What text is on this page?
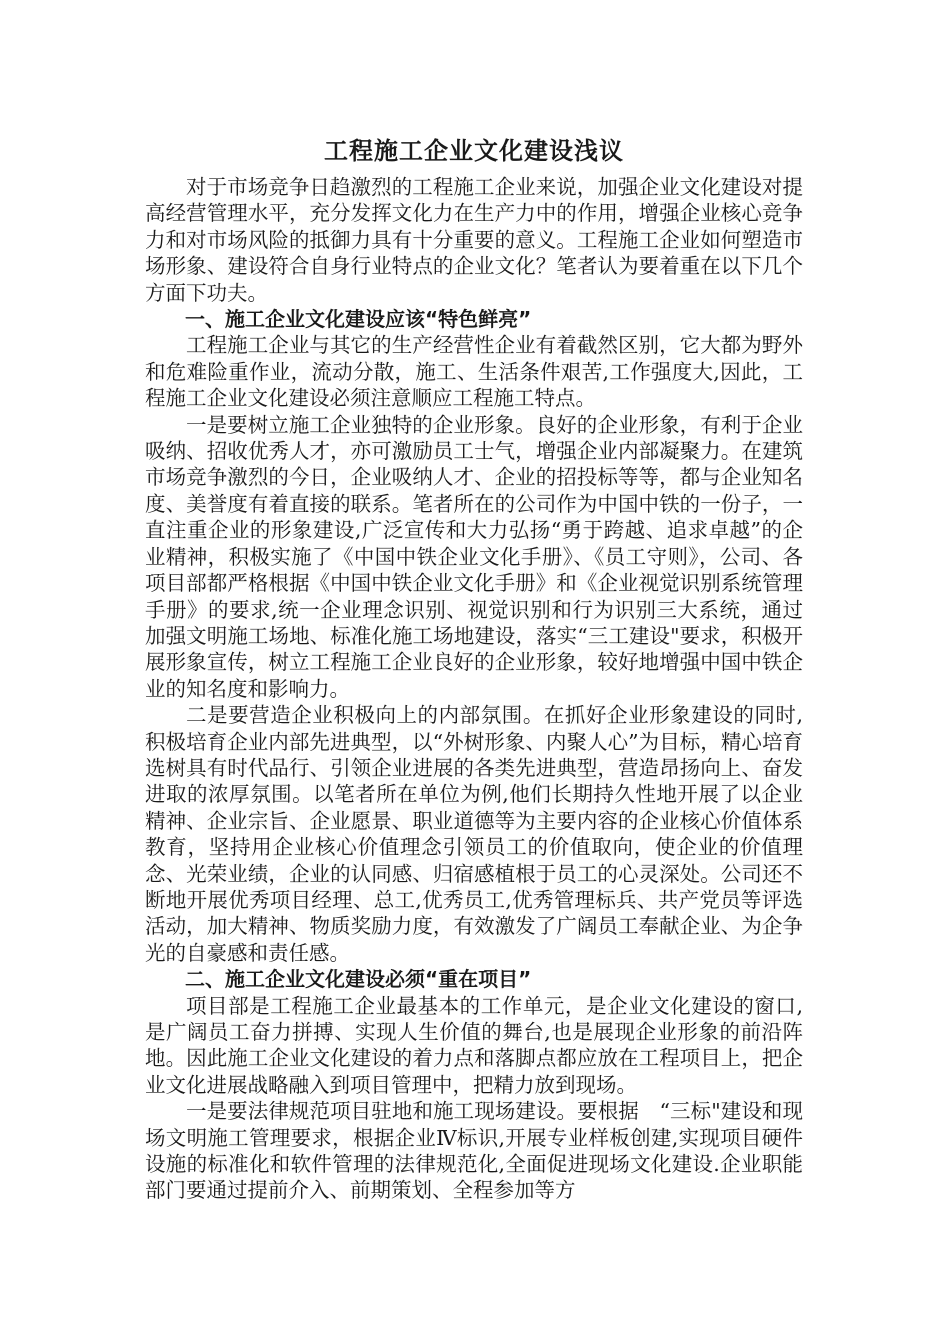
工程施工企业文化建设浅议

对于市场竞争日趋激烈的工程施工企业来说，加强企业文化建设对提高经营管理水平，充分发挥文化力在生产力中的作用，增强企业核心竞争力和对市场风险的抵御力具有十分重要的意义。工程施工企业如何塑造市场形象、建设符合自身行业特点的企业文化？笔者认为要着重在以下几个方面下功夫。

一、施工企业文化建设应该“特色鲜亮”

工程施工企业与其它的生产经营性企业有着截然区别，它大都为野外和危难险重作业，流动分散，施工、生活条件艰苦,工作强度大,因此，工程施工企业文化建设必须注意顺应工程施工特点。

一是要树立施工企业独特的企业形象。良好的企业形象，有利于企业吸纳、招收优秀人才，亦可激励员工士气，增强企业内部凝聚力。在建筑市场竞争激烈的今日，企业吸纳人才、企业的招投标等等，都与企业知名度、美誉度有着直接的联系。笔者所在的公司作为中国中铁的一份子，一直注重企业的形象建设,广泛宣传和大力弘扬“勇于跨越、追求卓越”的企业精神，积极实施了《中国中铁企业文化手册》、《员工守则》，公司、各项目部都严格根据《中国中铁企业文化手册》和《企业视觉识别系统管理手册》的要求,统一企业理念识别、视觉识别和行为识别三大系统，通过加强文明施工场地、标准化施工场地建设，落实“三工建设"要求，积极开展形象宣传，树立工程施工企业良好的企业形象，较好地增强中国中铁企业的知名度和影响力。

二是要营造企业积极向上的内部氛围。在抓好企业形象建设的同时,积极培育企业内部先进典型，以“外树形象、内聚人心”为目标，精心培育选树具有时代品行、引领企业进展的各类先进典型，营造昂扬向上、奋发进取的浓厚氛围。以笔者所在单位为例,他们长期持久性地开展了以企业精神、企业宗旨、企业愿景、职业道德等为主要内容的企业核心价值体系教育，坚持用企业核心价值理念引领员工的价值取向，使企业的价值理念、光荣业绩，企业的认同感、归宿感植根于员工的心灵深处。公司还不断地开展优秀项目经理、总工,优秀员工,优秀管理标兵、共产党员等评选活动，加大精神、物质奖励力度，有效激发了广阔员工奉献企业、为企争光的自豪感和责任感。

二、施工企业文化建设必须“重在项目”

项目部是工程施工企业最基本的工作单元，是企业文化建设的窗口,是广阔员工奋力拼搏、实现人生价值的舞台,也是展现企业形象的前沿阵地。因此施工企业文化建设的着力点和落脚点都应放在工程项目上，把企业文化进展战略融入到项目管理中，把精力放到现场。

一是要法律规范项目驻地和施工现场建设。要根据　“三标"建设和现场文明施工管理要求，根据企业Ⅳ标识,开展专业样板创建,实现项目硬件设施的标准化和软件管理的法律规范化,全面促进现场文化建设.企业职能部门要通过提前介入、前期策划、全程参加等方
